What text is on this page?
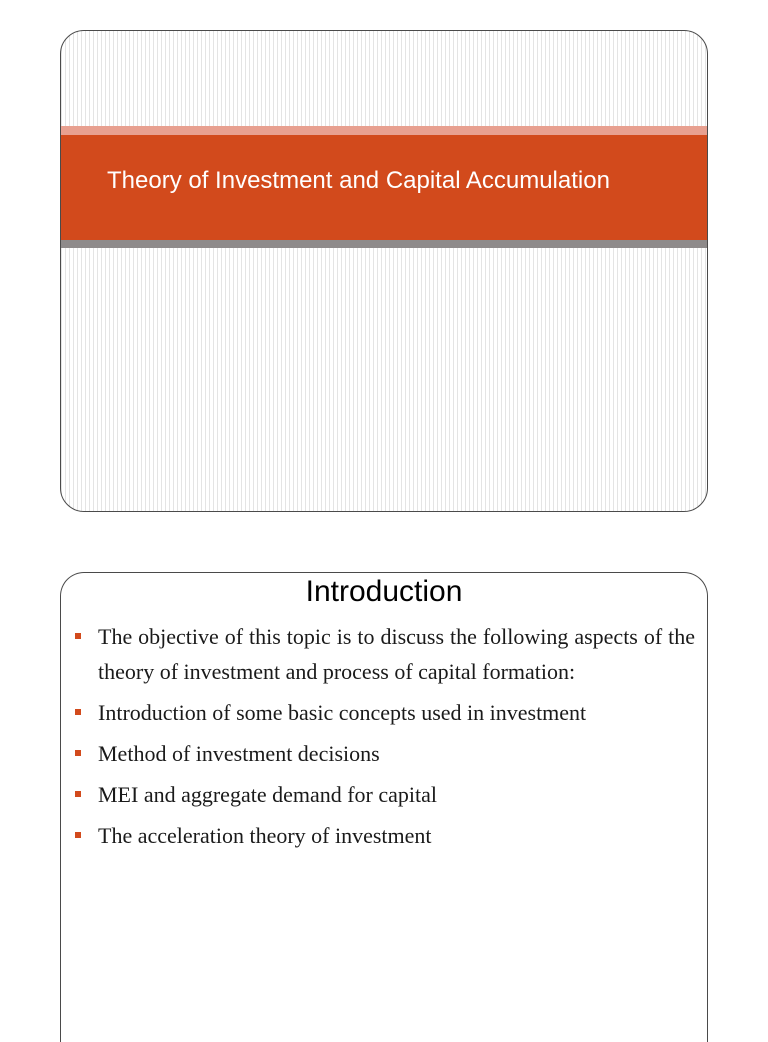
Theory of Investment and Capital Accumulation
Introduction
The objective of this topic is to discuss the following aspects of the theory of investment and process of capital formation:
Introduction of some basic concepts used in investment
Method of investment decisions
MEI and aggregate demand for capital
The acceleration theory of investment
